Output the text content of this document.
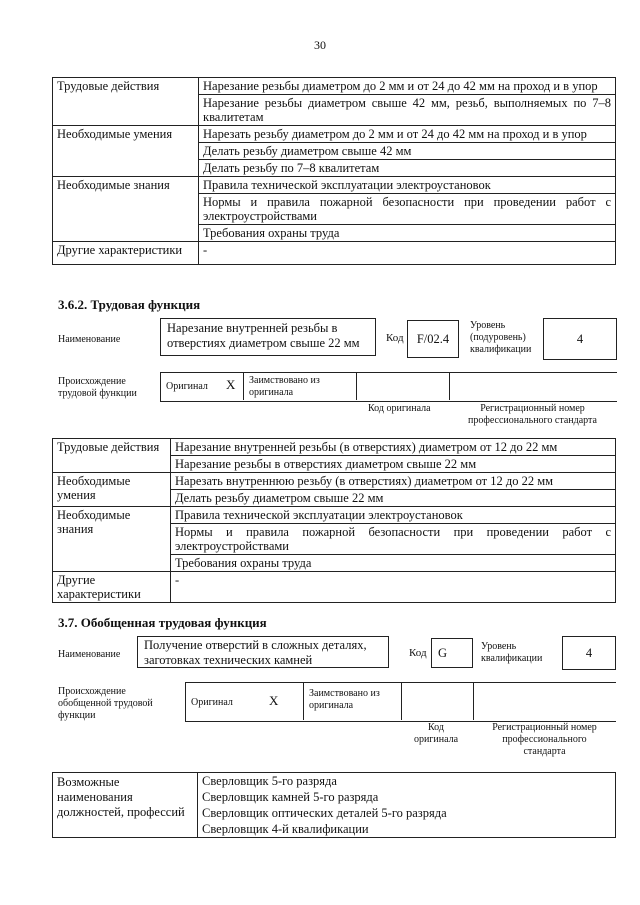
30
Трудовые действия	Нарезание резьбы диаметром до 2 мм и от 24 до 42 мм на проход и в упор
	Нарезание резьбы диаметром свыше 42 мм, резьб, выполняемых по 7–8 квалитетам
Необходимые умения	Нарезать резьбу диаметром до 2 мм и от 24 до 42 мм на проход и в упор
	Делать резьбу диаметром свыше 42 мм
	Делать резьбу по 7–8 квалитетам
Необходимые знания	Правила технической эксплуатации электроустановок
	Нормы и правила пожарной безопасности при проведении работ с электроустройствами
	Требования охраны труда
Другие характеристики	-
3.6.2. Трудовая функция
Наименование
Нарезание внутренней резьбы в отверстиях диаметром свыше 22 мм	Код F/02.4
Уровень (подуровень) квалификации
4
Происхождение трудовой функции
Оригинал X Заимствовано из оригинала
Код оригинала	Регистрационный номер профессионального стандарта
Трудовые действия	Нарезание внутренней резьбы (в отверстиях) диаметром от 12 до 22 мм
	Нарезание резьбы в отверстиях диаметром свыше 22 мм
Необходимые умения	Нарезать внутреннюю резьбу (в отверстиях) диаметром от 12 до 22 мм
	Делать резьбу диаметром свыше 22 мм
Необходимые знания	Правила технической эксплуатации электроустановок
	Нормы и правила пожарной безопасности при проведении работ с электроустройствами
	Требования охраны труда
Другие характеристики	-
3.7. Обобщенная трудовая функция
Наименование
Получение отверстий в сложных деталях, заготовках технических камней	Код G	Уровень квалификации	4
Происхождение обобщенной трудовой функции
Оригинал	X	Заимствовано из оригинала
Код оригинала
Регистрационный номер профессионального стандарта
Возможные наименования должностей, профессий	Сверловщик 5-го разряда
Сверловщик камней 5-го разряда
Сверловщик оптических деталей 5-го разряда
Сверловщик 4-й квалификации
